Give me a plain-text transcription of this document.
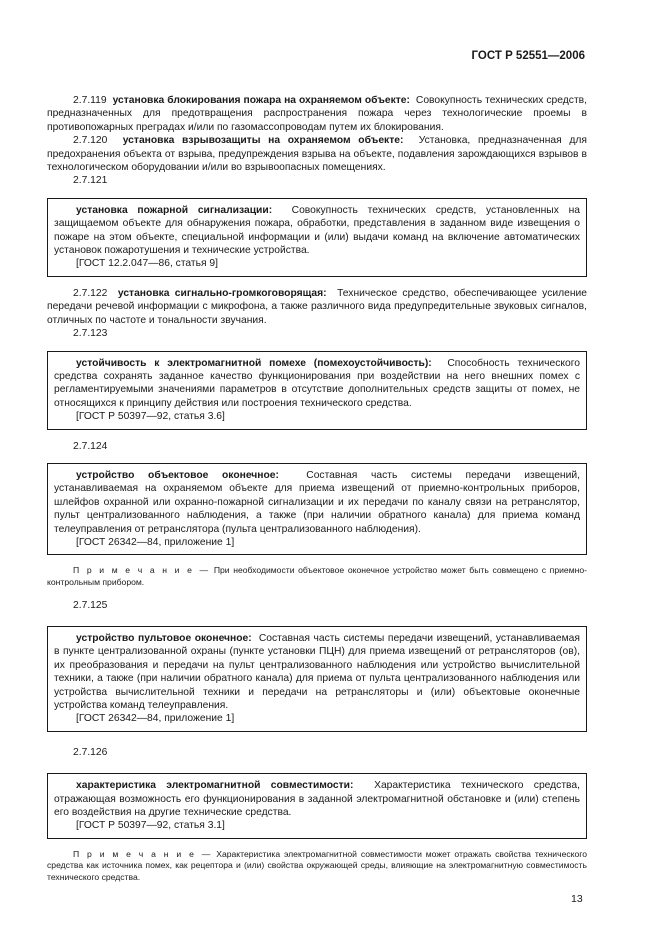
ГОСТ Р 52551—2006

2.7.119 установка блокирования пожара на охраняемом объекте: Совокупность технических средств, предназначенных для предотвращения распространения пожара через технологические проемы в противопожарных преградах и/или по газомассопроводам путем их блокирования.

2.7.120 установка взрывозащиты на охраняемом объекте: Установка, предназначенная для предохранения объекта от взрыва, предупреждения взрыва на объекте, подавления зарождающихся взрывов в технологическом оборудовании и/или во взрывоопасных помещениях.

2.7.121

установка пожарной сигнализации: Совокупность технических средств, установленных на защищаемом объекте для обнаружения пожара, обработки, представления в заданном виде извещения о пожаре на этом объекте, специальной информации и (или) выдачи команд на включение автоматических установок пожаротушения и технические устройства.

[ГОСТ 12.2.047—86, статья 9]

2.7.122 установка сигнально-громкоговорящая: Техническое средство, обеспечивающее усиление передачи речевой информации с микрофона, а также различного вида предупредительные звуковых сигналов, отличных по частоте и тональности звучания.

2.7.123

устойчивость к электромагнитной помехе (помехоустойчивость): Способность технического средства сохранять заданное качество функционирования при воздействии на него внешних помех с регламентируемыми значениями параметров в отсутствие дополнительных средств защиты от помех, не относящихся к принципу действия или построения технического средства.

[ГОСТ Р 50397—92, статья 3.6]
2.7.124

устройство объектовое оконечное:	Составная часть системы передачи извещений, устанавливаемая на охраняемом объекте для приема извещений от приемно-контрольных приборов, шлейфов охранной или охранно-пожарной сигнализации и их передачи по каналу связи на ретранслятор, пульт централизованного наблюдения, а также (при наличии обратного канала) для приема команд телеуправления от ретранслятора (пульта централизованного наблюдения).

[ГОСТ 26342—84, приложение 1]

П р и м е ч а н и е — При необходимости объектовое оконечное устройство может быть совмещено с приемно-контрольным прибором.

2.7.125

устройство пультовое оконечное: Составная часть системы передачи извещений, устанавливаемая в пункте централизованной охраны (пункте установки ПЦН) для приема извещений от ретрансляторов (ов), их преобразования и передачи на пульт централизованного наблюдения или устройство вычислительной техники, а также (при наличии обратного канала) для приема от пульта централизованного наблюдения или устройства вычислительной техники и передачи на ретрансляторы и (или) объектовые оконечные устройства команд телеуправления.

[ГОСТ 26342—84, приложение 1]
2.7.126

характеристика электромагнитной совместимости: Характеристика технического средства, отражающая возможность его функционирования в заданной электромагнитной обстановке и (или) степень его воздействия на другие технические средства.

[ГОСТ Р 50397—92, статья 3.1]

П р и м е ч а н и е — Характеристика электромагнитной совместимости может отражать свойства технического средства как источника помех, как рецептора и (или) свойства окружающей среды, влияющие на электромагнитную совместимость технического средства.

13
